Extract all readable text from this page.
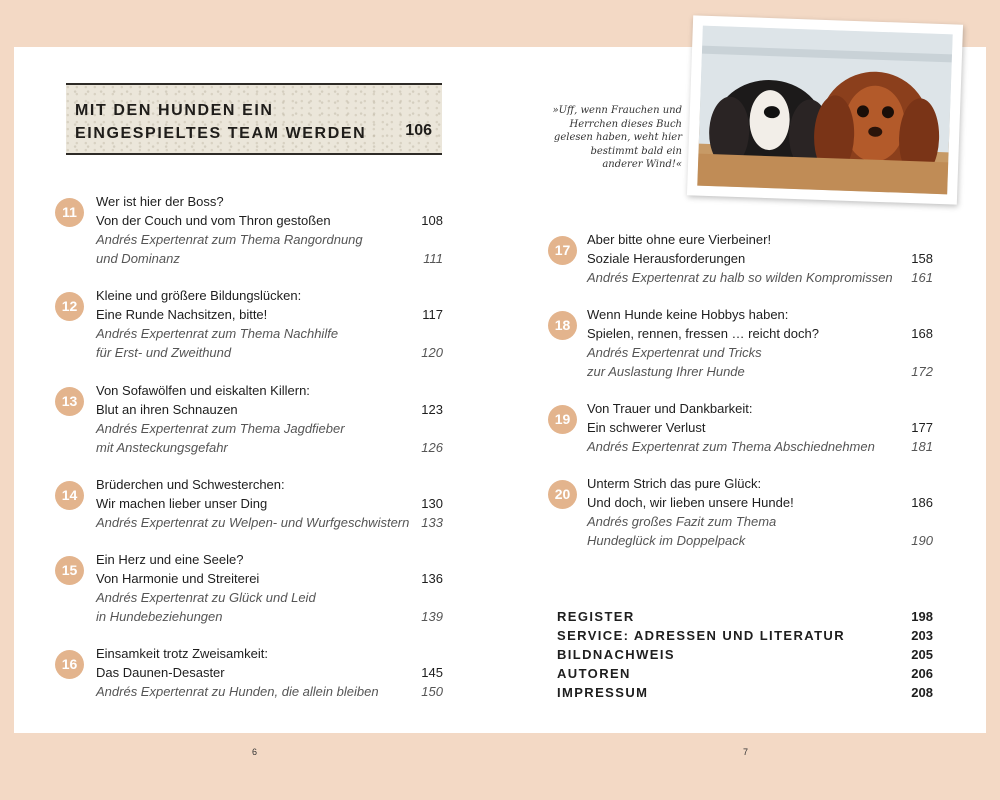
MIT DEN HUNDEN EIN
EINGESPIELTES TEAM WERDEN 106
»Uff, wenn Frauchen und Herrchen dieses Buch gelesen haben, weht hier bestimmt bald ein anderer Wind!«
11
Wer ist hier der Boss?
Von der Couch und vom Thron gestoßen	108
Andrés Expertenrat zum Thema Rangordnung
und Dominanz	111
12
Kleine und größere Bildungslücken:
Eine Runde Nachsitzen, bitte!	117
Andrés Expertenrat zum Thema Nachhilfe
für Erst- und Zweithund	120
13
Von Sofawölfen und eiskalten Killern:
Blut an ihren Schnauzen	123
Andrés Expertenrat zum Thema Jagdfieber
mit Ansteckungsgefahr	126
14
Brüderchen und Schwesterchen:
Wir machen lieber unser Ding	130
Andrés Expertenrat zu Welpen- und Wurfgeschwistern 133
15
Ein Herz und eine Seele?
Von Harmonie und Streiterei	136
Andrés Expertenrat zu Glück und Leid
in Hundebeziehungen	139
16
Einsamkeit trotz Zweisamkeit:
Das Daunen-Desaster	145
Andrés Expertenrat zu Hunden, die allein bleiben	150
17
Aber bitte ohne eure Vierbeiner!
Soziale Herausforderungen	158
Andrés Expertenrat zu halb so wilden Kompromissen	161
18
Wenn Hunde keine Hobbys haben:
Spielen, rennen, fressen … reicht doch?	168
Andrés Expertenrat und Tricks
zur Auslastung Ihrer Hunde	172
19
Von Trauer und Dankbarkeit:
Ein schwerer Verlust	177
Andrés Expertenrat zum Thema Abschiednehmen	181
20
Unterm Strich das pure Glück:
Und doch, wir lieben unsere Hunde!	186
Andrés großes Fazit zum Thema
Hundeglück im Doppelpack	190
REGISTER	198
SERVICE: ADRESSEN UND LITERATUR	203
BILDNACHWEIS	205
AUTOREN	206
IMPRESSUM	208
6	7
